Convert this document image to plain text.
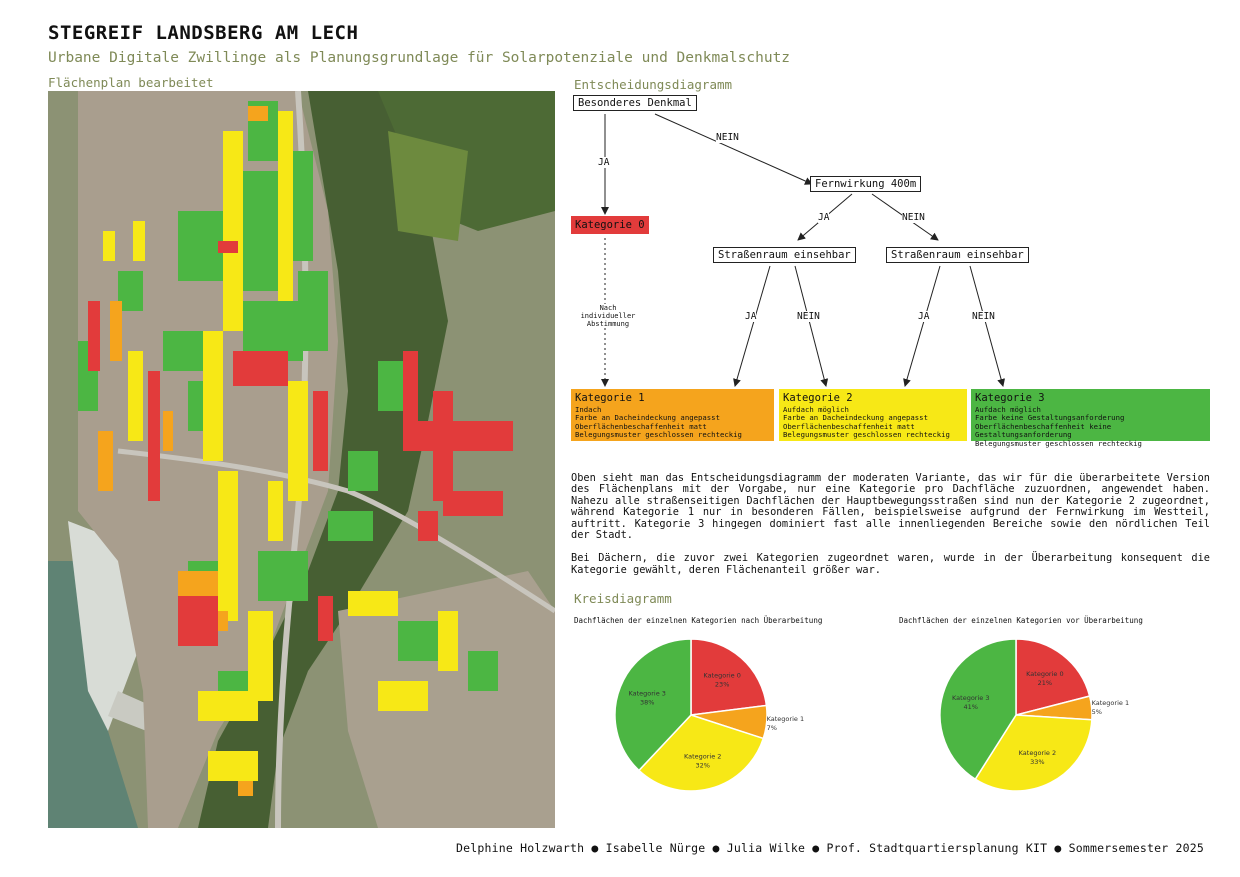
STEGREIF LANDSBERG AM LECH
Urbane Digitale Zwillinge als Planungsgrundlage für Solarpotenziale und Denkmalschutz
Flächenplan bearbeitet	Entscheidungsdiagramm
Besonderes Denkmal
Fernwirkung 400m
Straßenraum einsehbar	Straßenraum einsehbar
JA
NEIN
JA	NEIN
JA	NEIN	JA	NEIN
Nach individueller Abstimmung
Kategorie 0
Kategorie 1
Indach
Farbe an Dacheindeckung angepasst
Oberflächenbeschaffenheit matt
Belegungsmuster geschlossen rechteckig
Kategorie 2
Aufdach möglich
Farbe an Dacheindeckung angepasst
Oberflächenbeschaffenheit matt
Belegungsmuster geschlossen rechteckig
Kategorie 3
Aufdach möglich
Farbe keine Gestaltungsanforderung
Oberflächenbeschaffenheit keine Gestaltungsanforderung
Belegungsmuster geschlossen rechteckig

Oben sieht man das Entscheidungsdiagramm der moderaten Variante, das wir für die überarbeitete Version des Flächenplans mit der Vorgabe, nur eine Kategorie pro Dachfläche zuzuordnen, angewendet haben. Nahezu alle straßenseitigen Dachflächen der Hauptbewegungsstraßen sind nun der Kategorie 2 zugeordnet, während Kategorie 1 nur in besonderen Fällen, beispielsweise aufgrund der Fernwirkung im Westteil, auftritt. Kategorie 3 hingegen dominiert fast alle innenliegenden Bereiche sowie den nördlichen Teil der Stadt.

Bei Dächern, die zuvor zwei Kategorien zugeordnet waren, wurde in der Überarbeitung konsequent die Kategorie gewählt, deren Flächenanteil größer war.

Kreisdiagramm
Dachflächen der einzelnen Kategorien nach Überarbeitung	Dachflächen der einzelnen Kategorien vor Überarbeitung
Kategorie 0
23%
Kategorie 1
7%
Kategorie 2
32%
Kategorie 3
38%
Kategorie 0
21%
Kategorie 1
5%
Kategorie 2
33%
Kategorie 3
41%
Delphine Holzwarth ● Isabelle Nürge ● Julia Wilke ● Prof. Stadtquartiersplanung KIT ● Sommersemester 2025
